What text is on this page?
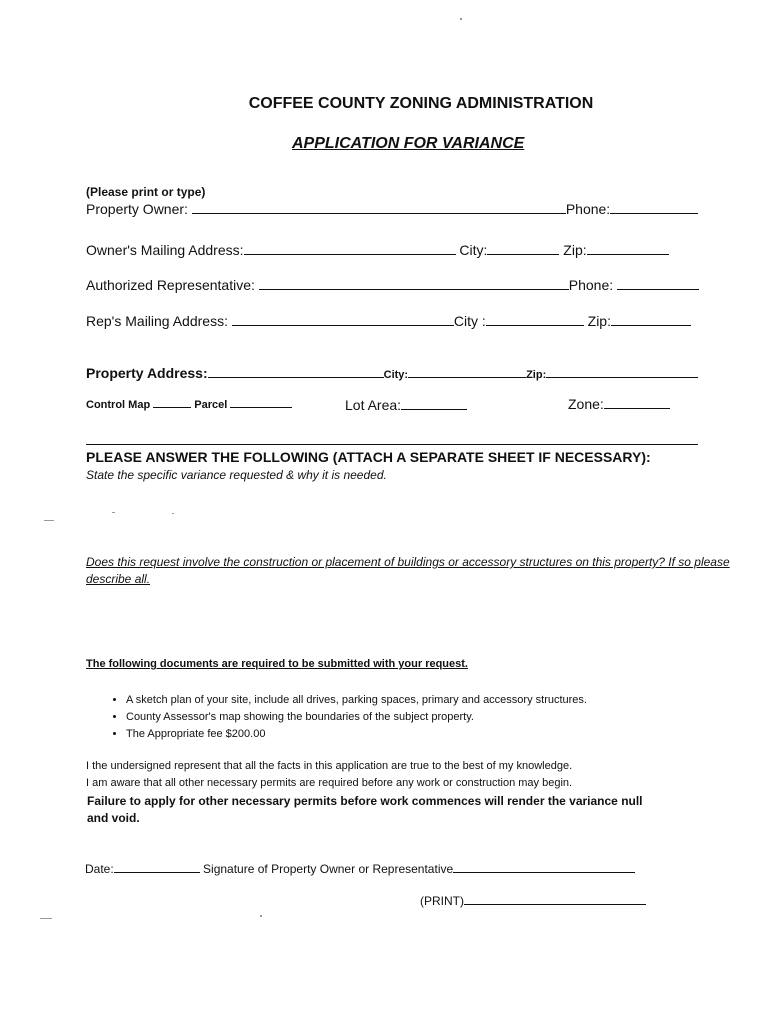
COFFEE COUNTY ZONING ADMINISTRATION
APPLICATION FOR VARIANCE
(Please print or type)
Property Owner:	Phone:
Owner's Mailing Address:	City:	Zip:
Authorized Representative:	Phone:
Rep's Mailing Address:	City :	Zip:
Property Address:	City:	Zip:
Control Map	Parcel	Lot Area:	Zone:
PLEASE ANSWER THE FOLLOWING (ATTACH A SEPARATE SHEET IF NECESSARY):
State the specific variance requested & why it is needed.
Does this request involve the construction or placement of buildings or accessory structures on this property? If so please
describe all.
The following documents are required to be submitted with your request.
• A sketch plan of your site, include all drives, parking spaces, primary and accessory structures.
• County Assessor's map showing the boundaries of the subject property.
• The Appropriate fee $200.00
I the undersigned represent that all the facts in this application are true to the best of my knowledge.
I am aware that all other necessary permits are required before any work or construction may begin.
Failure to apply for other necessary permits before work commences will render the variance null
and void.
Date:	Signature of Property Owner or Representative
(PRINT)
